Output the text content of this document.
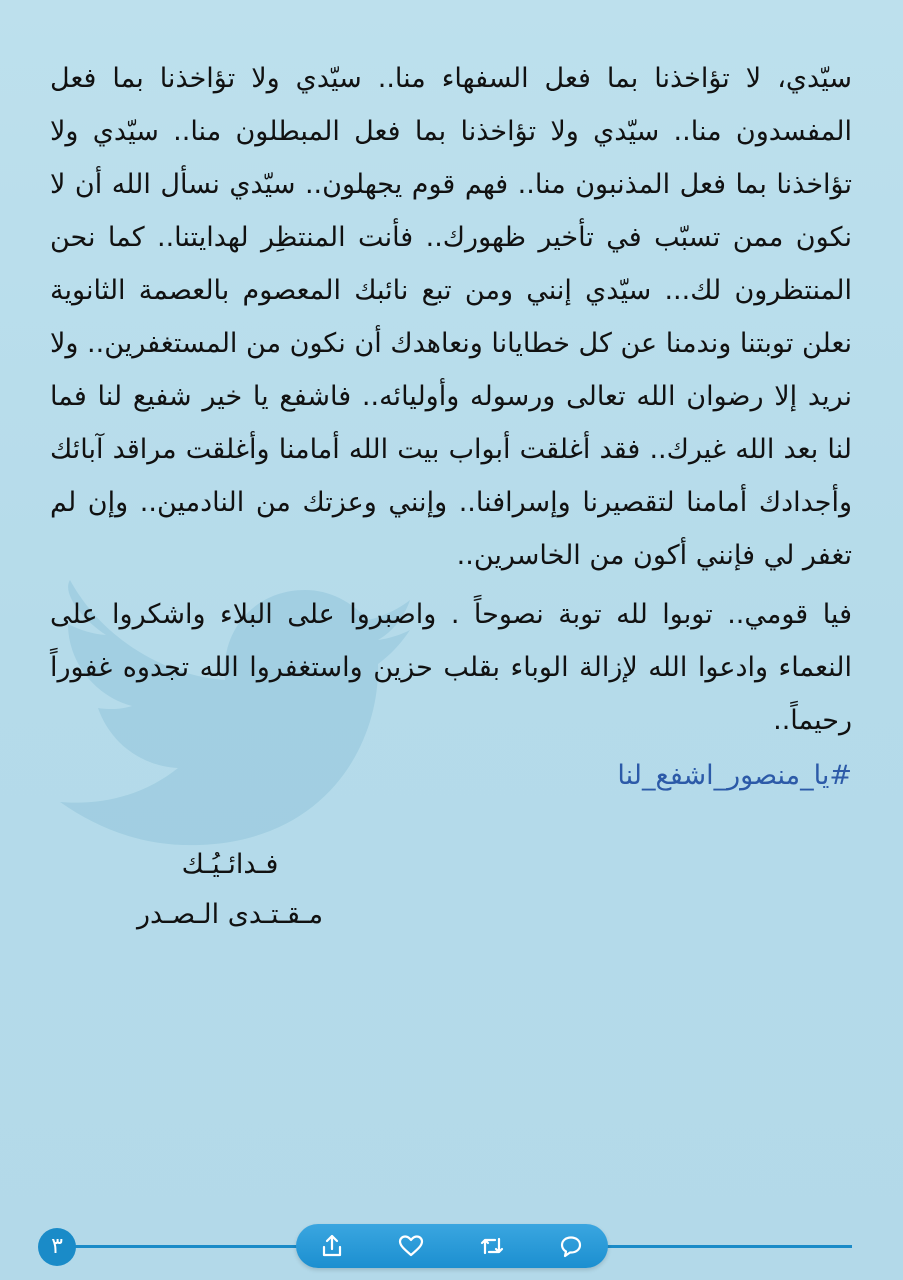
سيّدي، لا تؤاخذنا بما فعل السفهاء منا.. سيّدي ولا تؤاخذنا بما فعل المفسدون منا.. سيّدي ولا تؤاخذنا بما فعل المبطلون منا.. سيّدي ولا تؤاخذنا بما فعل المذنبون منا.. فهم قوم يجهلون.. سيّدي نسأل الله أن لا نكون ممن تسبّب في تأخير ظهورك.. فأنت المنتظِر لهدايتنا.. كما نحن المنتظرون لك... سيّدي إنني ومن تبع نائبك المعصوم بالعصمة الثانوية نعلن توبتنا وندمنا عن كل خطايانا ونعاهدك أن نكون من المستغفرين.. ولا نريد إلا رضوان الله تعالى ورسوله وأوليائه.. فاشفع يا خير شفيع لنا فما لنا بعد الله غيرك.. فقد أغلقت أبواب بيت الله أمامنا وأغلقت مراقد آبائك وأجدادك أمامنا لتقصيرنا وإسرافنا.. وإنني وعزتك من النادمين.. وإن لم تغفر لي فإنني أكون من الخاسرين..

فيا قومي.. توبوا لله توبة نصوحاً . واصبروا على البلاء واشكروا على النعماء وادعوا الله لإزالة الوباء بقلب حزين واستغفروا الله تجدوه غفوراً رحيماً..

#يا_منصور_اشفع_لنا
فـدائـيُـك
مـقـتـدى الـصـدر
٣
